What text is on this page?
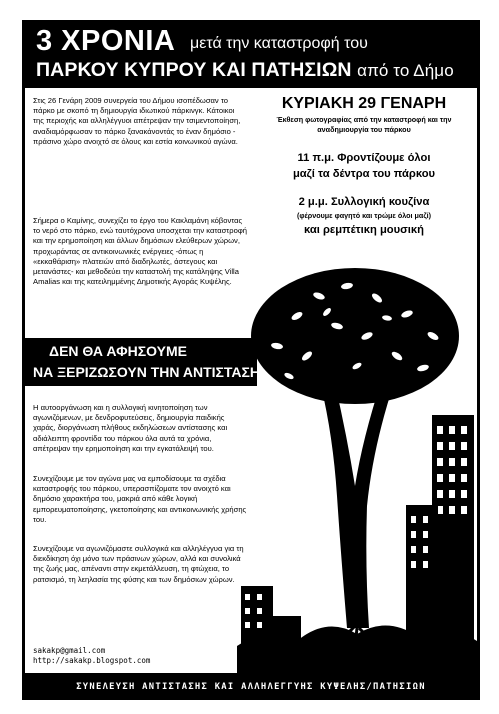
3 ΧΡΟΝΙΑ μετά την καταστροφή του
ΠΑΡΚΟΥ ΚΥΠΡΟΥ ΚΑΙ ΠΑΤΗΣΙΩΝ από το Δήμο

Στις 26 Γενάρη 2009 συνεργεία του Δήμου ισοπέδωσαν το πάρκο με σκοπό τη δημιουργία ιδιωτικού πάρκινγκ. Κάτοικοι της περιοχής και αλληλέγγυοι απέτρεψαν την τσιμεντοποίηση, αναδιαμόρφωσαν το πάρκο ξανακάνοντάς το έναν δημόσιο - πράσινο χώρο ανοιχτό σε όλους και εστία κοινωνικού αγώνα.

Σήμερα ο Καμίνης, συνεχίζει το έργο του Κακλαμάνη κόβοντας το νερό στο πάρκο, ενώ ταυτόχρονα υποσχεται την καταστροφή και την ερημοποίηση και άλλων δημόσιων ελεύθερων χώρων, προχωράντας σε αντικοινωνικές ενέργειες -όπως η «εκκαθάριση» πλατειών από διαδηλωτές, άστεγους και μετανάστες- και μεθοδεύει την καταστολή της κατάληψης Villa Amalias και της κατειλημμένης Δημοτικής Αγοράς Κυψέλης.

ΔΕΝ ΘΑ ΑΦΗΣΟΥΜΕ
ΝΑ ΞΕΡΙΖΩΣΟΥΝ ΤΗΝ ΑΝΤΙΣΤΑΣΗ

Η αυτοοργάνωση και η συλλογική κινητοποίηση των αγωνιζόμενων, με δενδροφυτεύσεις, δημιουργία παιδικής χαράς, διοργάνωση πλήθους εκδηλώσεων αντίστασης και αδιάλειπτη φροντίδα του πάρκου όλα αυτά τα χρόνια, απέτρεψαν την ερημοποίηση και την εγκατάλειψή του.

Συνεχίζουμε με τον αγώνα μας να εμποδίσουμε τα σχέδια καταστροφής του πάρκου, υπερασπίζοματε τον ανοιχτό και δημόσιο χαρακτήρα του, μακριά από κάθε λογική εμπορευματοποίησης, γκετοποίησης και αντικοινωνικής χρήσης του.

Συνεχίζουμε να αγωνιζόμαστε συλλογικά και αλληλέγγυα για τη διεκδίκηση όχι μόνο των πράσινων χώρων, αλλά και συνολικά της ζωής μας, απέναντι στην εκμετάλλευση, τη φτώχεια, το ρατσισμό, τη λεηλασία της φύσης και των δημόσιων χώρων.

sakakp@gmail.com
http://sakakp.blogspot.com
ΚΥΡΙΑΚΗ 29 ΓΕΝΑΡΗ
Έκθεση φωτογραφίας από την καταστροφή και την αναδημιουργία του πάρκου
11 π.μ. Φροντίζουμε όλοι
μαζί τα δέντρα του πάρκου
2 μ.μ. Συλλογική κουζίνα
(φέρνουμε φαγητό και τρώμε όλοι μαζί)
και ρεμπέτικη μουσική
ΣΥΝΕΛΕΥΣΗ ΑΝΤΙΣΤΑΣΗΣ ΚΑΙ ΑΛΛΗΛΕΓΓΥΗΣ ΚΥΨΕΛΗΣ/ΠΑΤΗΣΙΩΝ
